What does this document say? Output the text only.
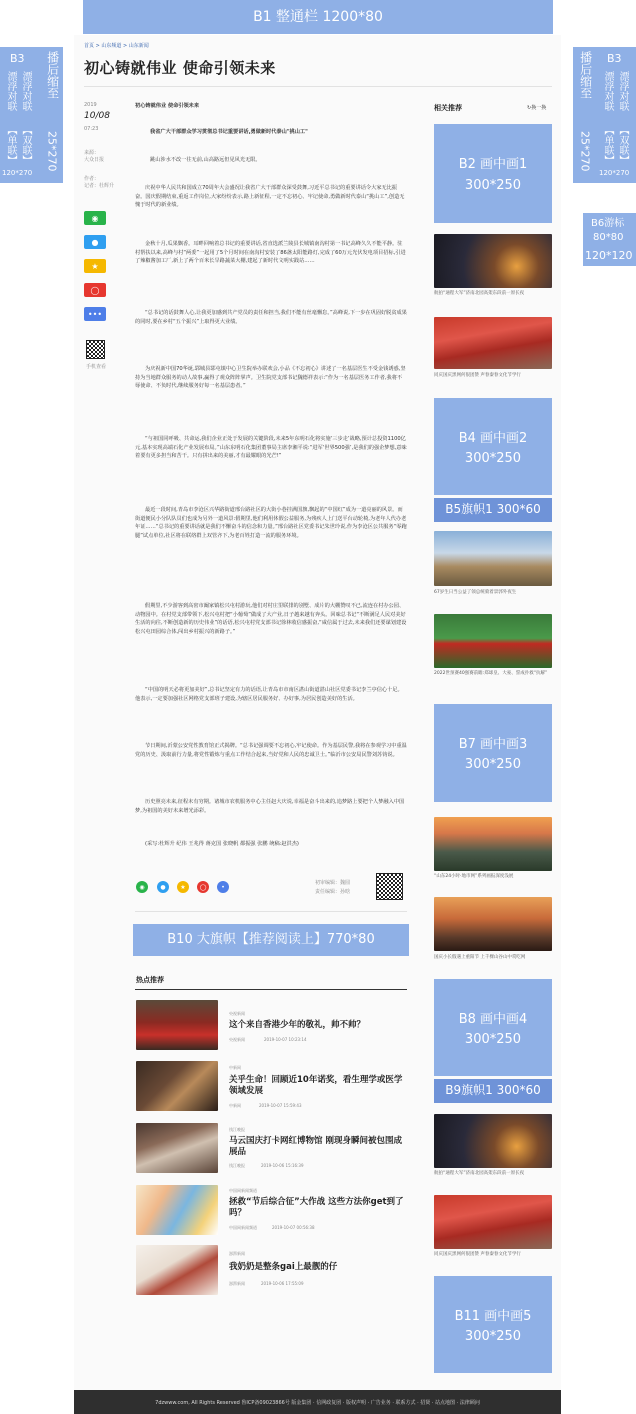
B1 整通栏 1200*80
B3 播后缩至
漂浮对联 漂浮对联
【单联】 【双联】 25*270
120*270
播后缩至 B3
漂浮对联 漂浮对联
【单联】 【双联】
25*270
120*270
B6游标
80*80
120*120
首页 > 山东频道 > 山东新闻
初心铸就伟业 使命引领未来
2019
10/08
07:23
来源：
大众日报
作者：
记者：杜辉升
◉
●
★
◯
•••
手机查看
初心铸就伟业 使命引领未来
我省广大干部群众学习贯彻总书记重要讲话,勇做新时代泰山"挑山工"
跳山涉水不改一往无前,山高路远但见风光无限。
庆祝中华人民共和国成立70周年大会盛况让我省广大干部群众深受鼓舞,习近平总书记的重要讲话令大家无比振奋。国庆假期结束,重返工作岗位,大家纷纷表示,路上新征程,一定不忘初心、牢记使命,勇做新时代泰山“挑山工”,创造无愧于时代的新业绩。
金秋十月,瓜果飘香。耳畔回响着总书记的重要讲话,省直选派兰陵县长城镇南沟村第一书记高峰久久不能平静。驻村帮扶以来,高峰与村“两委”一起用了5个月时间在南沟村安装了86盏太阳能路灯,完成了60万元光伏发电项目招标,引进了辣椒酱加工厂,新上了两个百米长旱路蔬菜大棚,建起了新时代文明实践站……
“总书记的话鼓舞人心,让我更加感到共产党员的责任和担当,我们不能有丝毫懈怠。”高峰说,下一步在巩固好脱贫成果的同时,要在乡村“五个振兴”上取得更大业绩。
为庆祝新中国70华诞,郓城县郓屯镇中心卫生院举办联欢会,小品《不忘初心》讲述了一名基层医生不受金钱诱惑,坚持为当地群众服务的动人故事,赢得了观众阵阵掌声。卫生院党支部书记魏德祥表示:“作为一名基层医务工作者,我将不辱使命、不负时代,继续服务好每一名基层患者。”
“与祖国同呼吸、共命运,我们企业正处于发展的关键阶段,未来5年东明石化将实施‘三步走’战略,预计总投资1100亿元,基本实现高端石化产业发展布局。”山东东明石化集团董事局主席李湘平说:“进军‘世界500强’,是我们的强企梦想,意味着要有更多担当和苦干。只有拼出来的美丽,才有最耀眼的光芒!”
最近一段时间,青岛市李沧区兴华路街道邢台路社区的大街小巷挂满国旗,飘起的“中国红”成为一道亮丽的风景。而街道便民小分队队员们也成为另外一道风景:假期里,他们利用休假公益服务,为残疾人上门送平台动轮椅,为老年人代办老年证……“总书记的重要讲话就是我们不懈奋斗的信念和力量。”邢台路社区党委书记朱世玲说,作为李沧区公共服务“零跑腿”试点单位,社区将在联络群上双管齐下,为老百姓打造一流的服务环境。
假期里,不少游客到高密市阚家镇松兴屯村游玩,他们对村庄里联排的别墅、成片的大棚赞叹不已,流连在村办公园、动物园中。在村党支部带领下,松兴屯村把“小葡萄”做成了大产业,日子越来越有奔头。回味总书记“不断满足人民对美好生活的向往,不断创造新的历史伟业”的话语,松兴屯村党支部书记徐林收信感振奋,“咸信属于过去,未来我们还要谋划建设松兴屯田园综合体,闯出乡村振兴的新路子。”
“中国的明天必将更加美好”,总书记坚定有力的话语,让青岛市市南区湛山街道湛山社区党委书记李兰亭信心十足。他表示,一定要加强社区网格党支部班子建设,为辖区居民服务好、办好事,为居民创造美好的生活。
节日期间,沂蒙公安党性教育馆正式揭牌。“总书记强调要不忘初心,牢记使命。作为基层民警,我将在参观学习中重温党的历史、汲取前行力量,将党性锻炼与重点工作结合起来,当好党和人民的忠诚卫士。”临沂市公安局民警刘苏钧说。
历史照亮未来,征程未有穷期。诸城市农机服务中心主任赵大庆说,幸福是奋斗出来的,追梦路上要把个人梦融入中国梦,为祖国的美好未来增光添彩。
(采写:杜辉升 纪伟 王兆得 蒋克国 张晓帆 都振强 张鹏 统稿:赵洪杰)
◉	● ★ ◯ •
初审编辑：魏圆
责任编辑：孙晗
B10 大旗帜【推荐阅读上】770*80
热点推荐
央视新闻
这个来自香港少年的敬礼，帅不帅？
央视新闻	2019-10-07 10:23:14
中新网
关乎生命！回顾近10年诺奖，看生理学或医学领域发展
中新网	2019-10-07 15:59:43
钱江晚报
马云国庆打卡网红博物馆 刚现身瞬间被包围成展品
钱江晚报	2019-10-06 15:16:39
中国网新闻频道
拯救“节后综合征”大作战 这些方法你get到了吗？
中国网新闻频道	2019-10-07 00:56:38
澎湃新闻
我奶奶是整条gai上最靓的仔
澎湃新闻	2019-10-06 17:55:09
相关推荐	↻换一换
B2 画中画1
300*250
航拍“通程大军”济南北园高架东段前一原长夜
同庆国庆黑网何很团赞 声春秦春文化节学行
B4 画中画2
300*250
B5旗帜1 300*60
67岁生日当公益了领总统骑着景郭外夜生
2022世预赛40强赛前瞻:郑球皇、大豪、誓成扑救“抗解”
B7 画中画3
300*250
“山东24小时·地市网”系列画报深度浅展
国庆小长假遇上重阳节 上千棵山谷山中赏吃网
B8 画中画4
300*250
B9旗帜1 300*60
航拍“通程大军”济南北园高架东段前一原长夜
同庆国庆黑网何很团赞 声春秦春文化节学行
B11 画中画5
300*250
7dzwww.com, All Rights Reserved 鲁ICP备09023866号 版金集团 · 信网政复团 · 版权声明 · 广告业务 · 联系方式 · 招贤 · 站点地图 · 法律顾问
